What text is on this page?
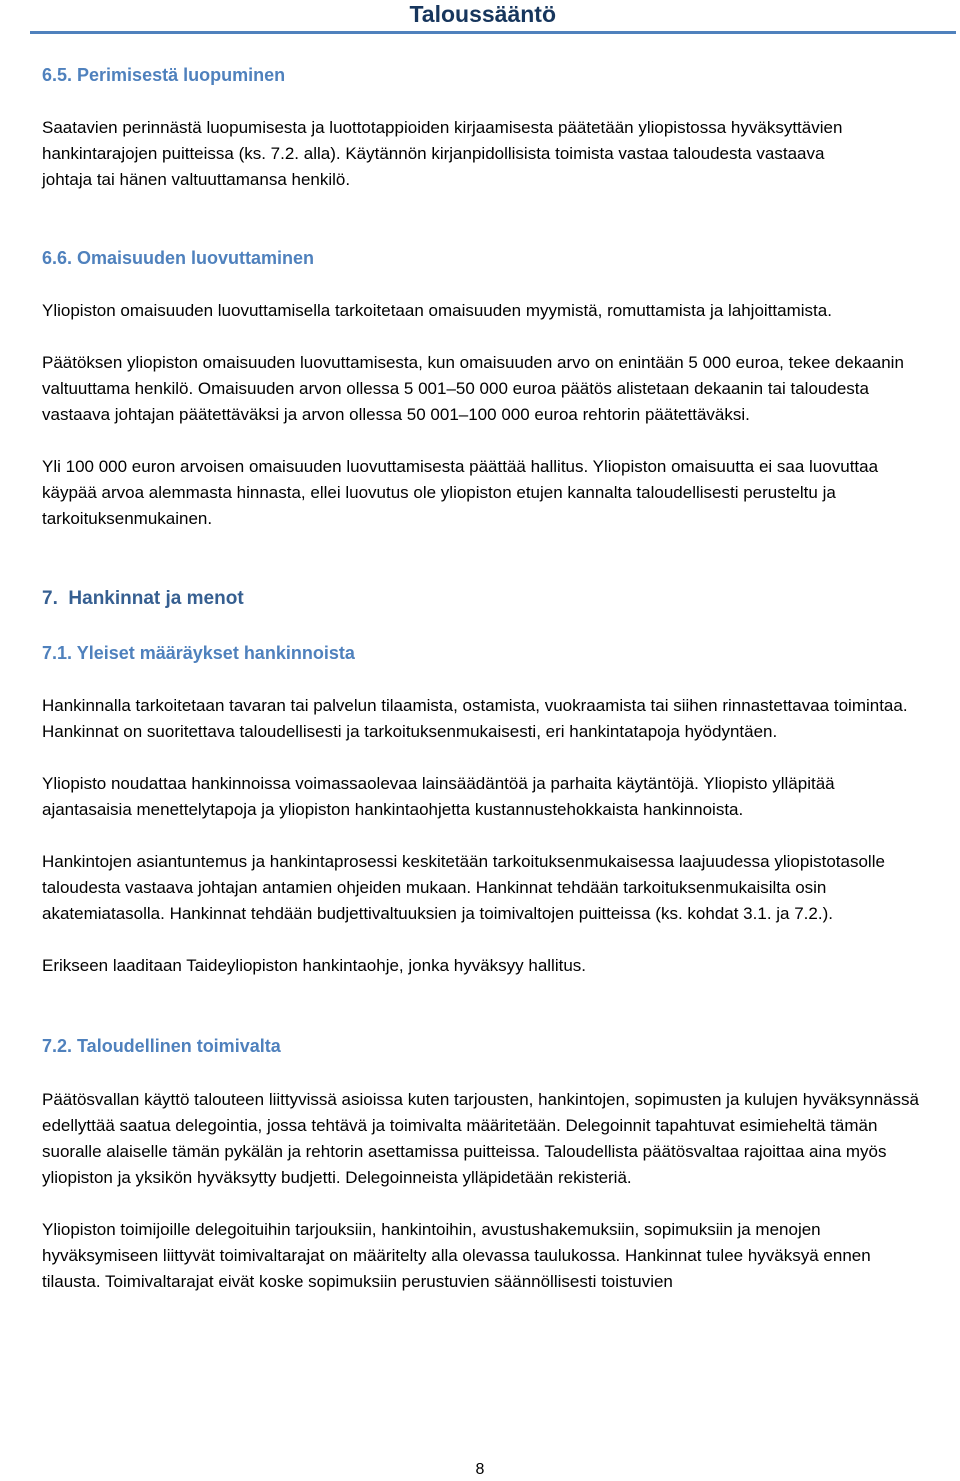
Taloussääntö
6.5. Perimisestä luopuminen

Saatavien perinnästä luopumisesta ja luottotappioiden kirjaamisesta päätetään yliopistossa hyväksyttävien hankintarajojen puitteissa (ks. 7.2. alla). Käytännön kirjanpidollisista toimista vastaa taloudesta vastaava johtaja tai hänen valtuuttamansa henkilö.

6.6. Omaisuuden luovuttaminen

Yliopiston omaisuuden luovuttamisella tarkoitetaan omaisuuden myymistä, romuttamista ja lahjoittamista.

Päätöksen yliopiston omaisuuden luovuttamisesta, kun omaisuuden arvo on enintään 5 000 euroa, tekee dekaanin valtuuttama henkilö. Omaisuuden arvon ollessa 5 001–50 000 euroa päätös alistetaan dekaanin tai taloudesta vastaava johtajan päätettäväksi ja arvon ollessa 50 001–100 000 euroa rehtorin päätettäväksi.

Yli 100 000 euron arvoisen omaisuuden luovuttamisesta päättää hallitus. Yliopiston omaisuutta ei saa luovuttaa käypää arvoa alemmasta hinnasta, ellei luovutus ole yliopiston etujen kannalta taloudellisesti perusteltu ja tarkoituksenmukainen.

7.  Hankinnat ja menot
7.1. Yleiset määräykset hankinnoista

Hankinnalla tarkoitetaan tavaran tai palvelun tilaamista, ostamista, vuokraamista tai siihen rinnastettavaa toimintaa. Hankinnat on suoritettava taloudellisesti ja tarkoituksenmukaisesti, eri hankintatapoja hyödyntäen.

Yliopisto noudattaa hankinnoissa voimassaolevaa lainsäädäntöä ja parhaita käytäntöjä. Yliopisto ylläpitää ajantasaisia menettelytapoja ja yliopiston hankintaohjetta kustannustehokkaista hankinnoista.

Hankintojen asiantuntemus ja hankintaprosessi keskitetään tarkoituksenmukaisessa laajuudessa yliopistotasolle taloudesta vastaava johtajan antamien ohjeiden mukaan. Hankinnat tehdään tarkoituksenmukaisilta osin akatemiatasolla. Hankinnat tehdään budjettivaltuuksien ja toimivaltojen puitteissa (ks. kohdat 3.1. ja 7.2.).

Erikseen laaditaan Taideyliopiston hankintaohje, jonka hyväksyy hallitus.

7.2. Taloudellinen toimivalta

Päätösvallan käyttö talouteen liittyvissä asioissa kuten tarjousten, hankintojen, sopimusten ja kulujen hyväksynnässä edellyttää saatua delegointia, jossa tehtävä ja toimivalta määritetään. Delegoinnit tapahtuvat esimieheltä tämän suoralle alaiselle tämän pykälän ja rehtorin asettamissa puitteissa. Taloudellista päätösvaltaa rajoittaa aina myös yliopiston ja yksikön hyväksytty budjetti. Delegoinneista ylläpidetään rekisteriä.

Yliopiston toimijoille delegoituihin tarjouksiin, hankintoihin, avustushakemuksiin, sopimuksiin ja menojen hyväksymiseen liittyvät toimivaltarajat on määritelty alla olevassa taulukossa. Hankinnat tulee hyväksyä ennen tilausta. Toimivaltarajat eivät koske sopimuksiin perustuvien säännöllisesti toistuvien

8
